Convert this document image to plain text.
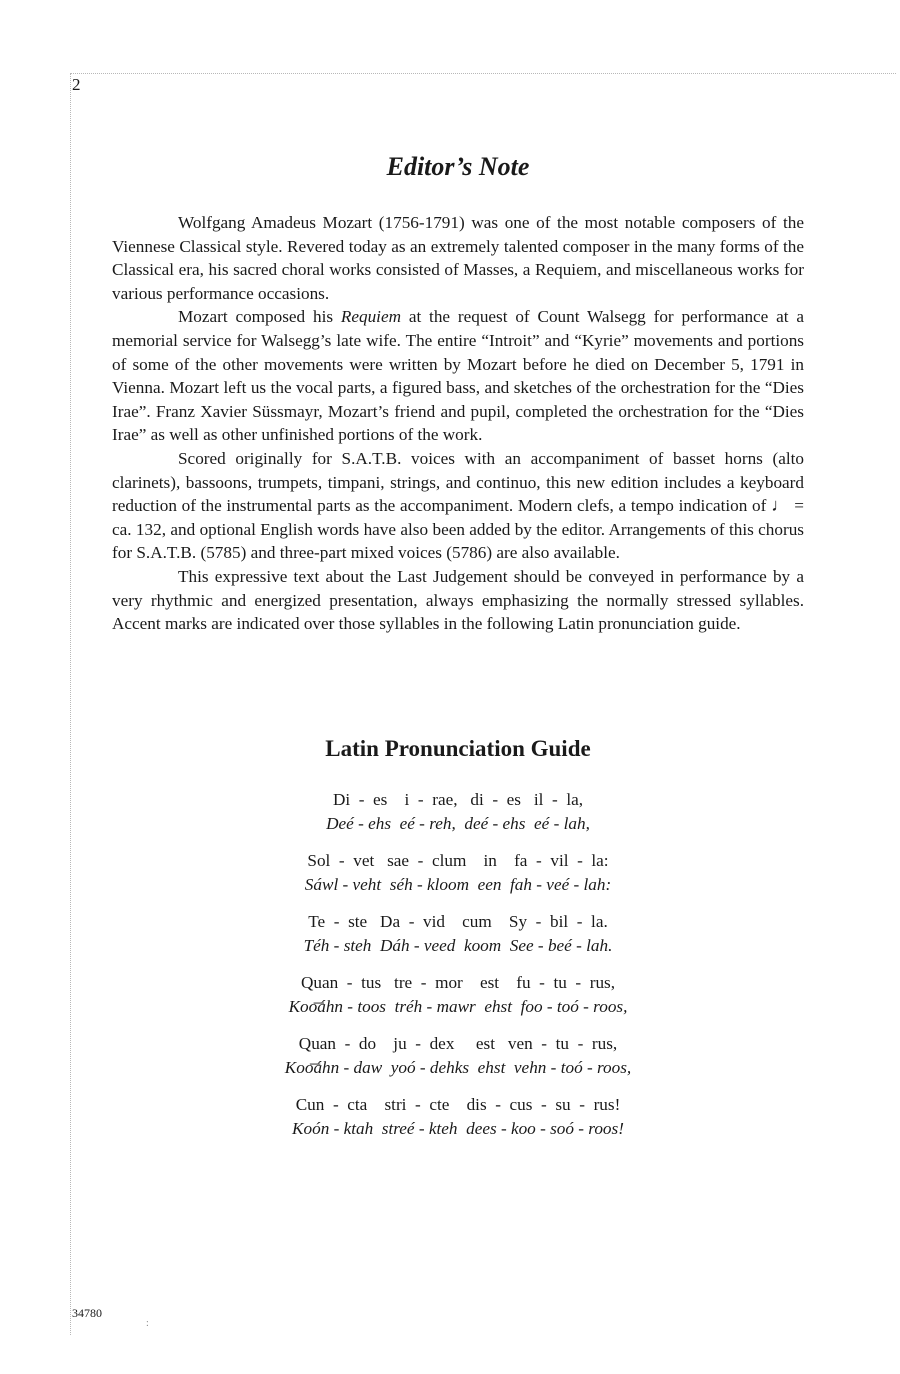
2
Editor’s Note

Wolfgang Amadeus Mozart (1756-1791) was one of the most notable composers of the Viennese Classical style. Revered today as an extremely talented composer in the many forms of the Classical era, his sacred choral works consisted of Masses, a Requiem, and miscellaneous works for various performance occasions.

Mozart composed his Requiem at the request of Count Walsegg for performance at a memorial service for Walsegg’s late wife. The entire “Introit” and “Kyrie” movements and portions of some of the other movements were written by Mozart before he died on December 5, 1791 in Vienna. Mozart left us the vocal parts, a figured bass, and sketches of the orchestration for the “Dies Irae”. Franz Xavier Süssmayr, Mozart’s friend and pupil, completed the orchestration for the “Dies Irae” as well as other unfinished portions of the work.

Scored originally for S.A.T.B. voices with an accompaniment of basset horns (alto clarinets), bassoons, trumpets, timpani, strings, and continuo, this new edition includes a keyboard reduction of the instrumental parts as the accompaniment. Modern clefs, a tempo indication of ♩ = ca. 132, and optional English words have also been added by the editor. Arrangements of this chorus for S.A.T.B. (5785) and three-part mixed voices (5786) are also available.

This expressive text about the Last Judgement should be conveyed in performance by a very rhythmic and energized presentation, always emphasizing the normally stressed syllables. Accent marks are indicated over those syllables in the following Latin pronunciation guide.

Latin Pronunciation Guide
Di  -  es    i  -  rae,   di  -  es   il  -  la,
Deé - ehs  eé - reh,  deé - ehs  eé - lah,
Sol  -  vet   sae  -  clum    in    fa  -  vil  -  la:
Sáwl - veht  séh - kloom  een  fah - veé - lah:
Te  -  ste   Da  -  vid    cum    Sy  -  bil  -  la.
Téh - steh  Dáh - veed  koom  See - beé - lah.
Quan  -  tus   tre  -  mor    est    fu  -  tu  -  rus,
Koo͞áhn - toos  tréh - mawr  ehst  foo - toó - roos,
Quan  -  do    ju  -  dex     est   ven  -  tu  -  rus,
Koo͞áhn - daw  yoó - dehks  ehst  vehn - toó - roos,
Cun  -  cta    stri  -  cte    dis  -  cus  -  su  -  rus!
Koón - ktah  streé - kteh  dees - koo - soó - roos!
34780
:
